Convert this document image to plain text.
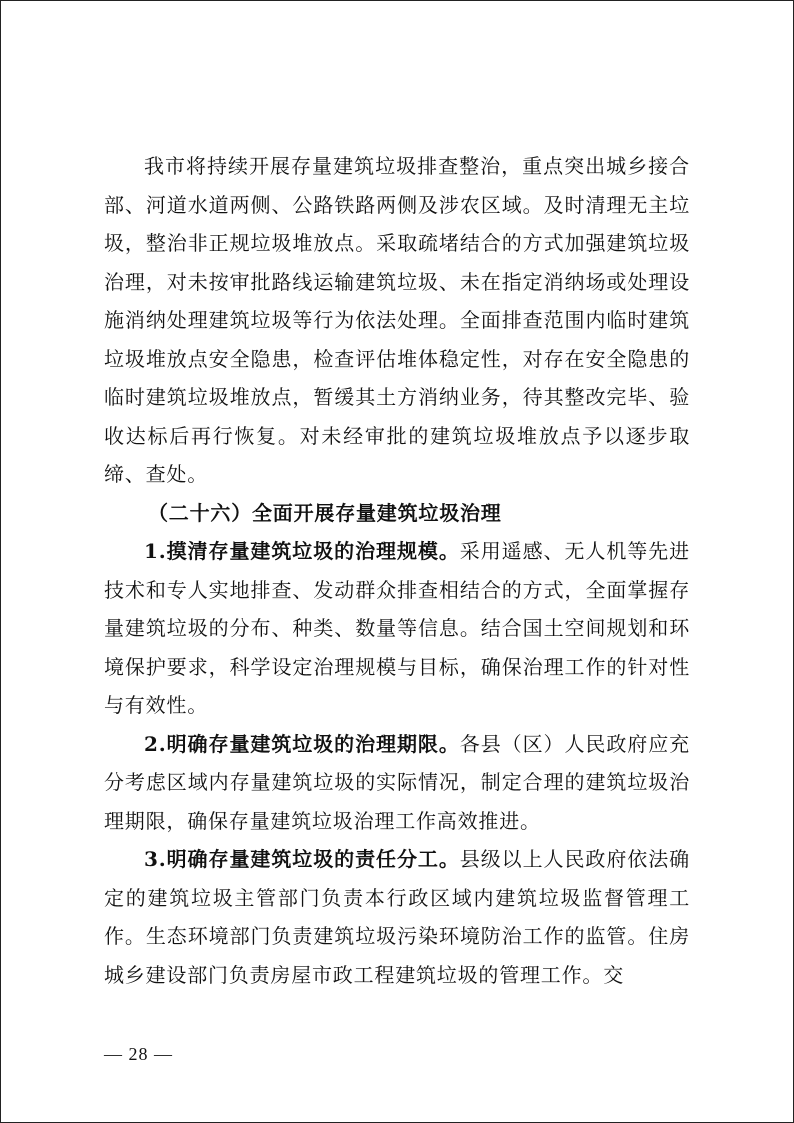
我市将持续开展存量建筑垃圾排查整治，重点突出城乡接合部、河道水道两侧、公路铁路两侧及涉农区域。及时清理无主垃圾，整治非正规垃圾堆放点。采取疏堵结合的方式加强建筑垃圾治理，对未按审批路线运输建筑垃圾、未在指定消纳场或处理设施消纳处理建筑垃圾等行为依法处理。全面排查范围内临时建筑垃圾堆放点安全隐患，检查评估堆体稳定性，对存在安全隐患的临时建筑垃圾堆放点，暂缓其土方消纳业务，待其整改完毕、验收达标后再行恢复。对未经审批的建筑垃圾堆放点予以逐步取缔、查处。

（二十六）全面开展存量建筑垃圾治理

1.摸清存量建筑垃圾的治理规模。采用遥感、无人机等先进技术和专人实地排查、发动群众排查相结合的方式，全面掌握存量建筑垃圾的分布、种类、数量等信息。结合国土空间规划和环境保护要求，科学设定治理规模与目标，确保治理工作的针对性与有效性。

2.明确存量建筑垃圾的治理期限。各县（区）人民政府应充分考虑区域内存量建筑垃圾的实际情况，制定合理的建筑垃圾治理期限，确保存量建筑垃圾治理工作高效推进。

3.明确存量建筑垃圾的责任分工。县级以上人民政府依法确定的建筑垃圾主管部门负责本行政区域内建筑垃圾监督管理工作。生态环境部门负责建筑垃圾污染环境防治工作的监管。住房城乡建设部门负责房屋市政工程建筑垃圾的管理工作。交

— 28 —
